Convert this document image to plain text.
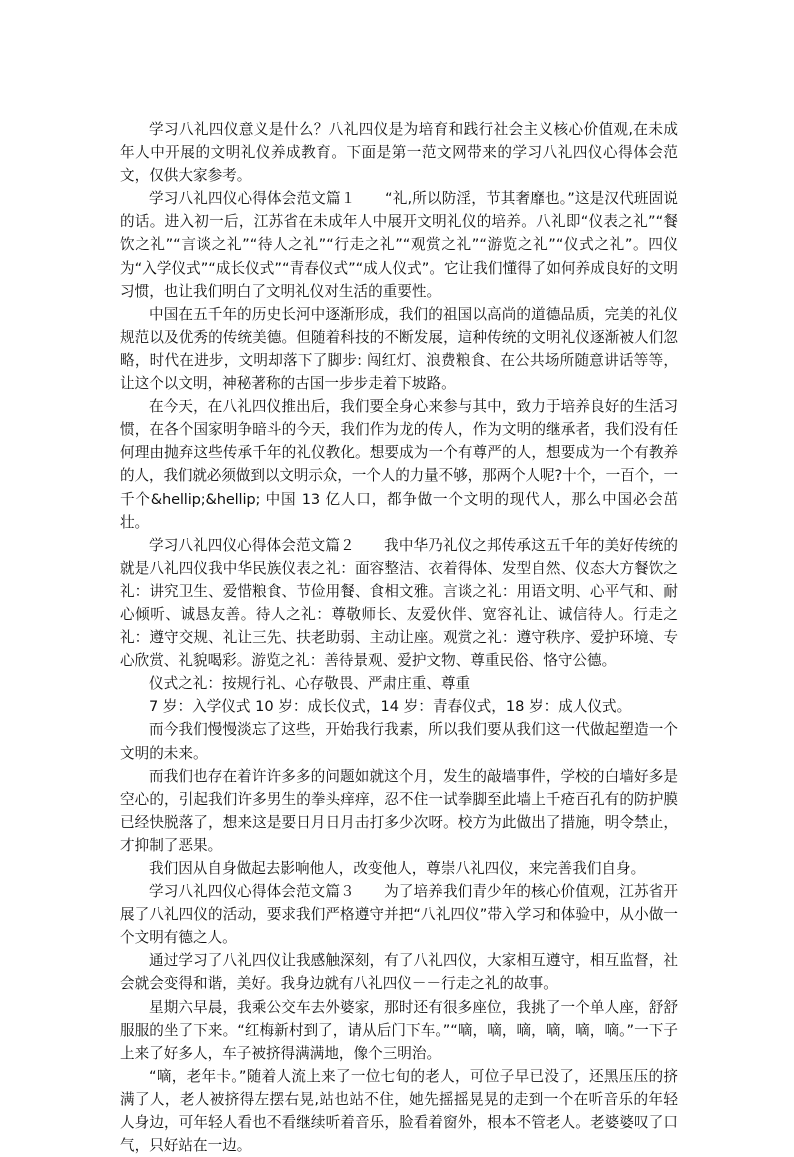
学习八礼四仪意义是什么？八礼四仪是为培育和践行社会主义核心价值观,在未成年人中开展的文明礼仪养成教育。下面是第一范文网带来的学习八礼四仪心得体会范文，仅供大家参考。

学习八礼四仪心得体会范文篇１　　“礼,所以防淫，节其奢靡也。”这是汉代班固说的话。进入初一后，江苏省在未成年人中展开文明礼仪的培养。八礼即“仪表之礼”“餐饮之礼”“言谈之礼”“待人之礼”“行走之礼”“观赏之礼”“游览之礼”“仪式之礼”。四仪为“入学仪式”“成长仪式”“青春仪式”“成人仪式”。它让我们懂得了如何养成良好的文明习惯，也让我们明白了文明礼仪对生活的重要性。

中国在五千年的历史长河中逐渐形成，我们的祖国以高尚的道德品质，完美的礼仪规范以及优秀的传统美德。但随着科技的不断发展，這种传统的文明礼仪逐渐被人们忽略，时代在进步，文明却落下了脚步: 闯红灯、浪费粮食、在公共场所随意讲话等等，让这个以文明，神秘著称的古国一步步走着下坡路。

在今天，在八礼四仪推出后，我们要全身心来参与其中，致力于培养良好的生活习惯，在各个国家明争暗斗的今天，我们作为龙的传人，作为文明的继承者，我们没有任何理由抛弃这些传承千年的礼仪教化。想要成为一个有尊严的人，想要成为一个有教养的人，我们就必须做到以文明示众，一个人的力量不够，那两个人呢?十个，一百个，一千个&hellip;&hellip; 中国 13 亿人口，都争做一个文明的现代人，那么中国必会茁壮。

学习八礼四仪心得体会范文篇２　　我中华乃礼仪之邦传承这五千年的美好传统的就是八礼四仪我中华民族仪表之礼：面容整洁、衣着得体、发型自然、仪态大方餐饮之礼：讲究卫生、爱惜粮食、节俭用餐、食相文雅。言谈之礼：用语文明、心平气和、耐心倾听、诚恳友善。待人之礼：尊敬师长、友爱伙伴、宽容礼让、诚信待人。行走之礼：遵守交规、礼让三先、扶老助弱、主动让座。观赏之礼：遵守秩序、爱护环境、专心欣赏、礼貌喝彩。游览之礼：善待景观、爱护文物、尊重民俗、恪守公德。

仪式之礼：按规行礼、心存敬畏、严肃庄重、尊重

7 岁：入学仪式 10 岁：成长仪式，14 岁：青春仪式，18 岁：成人仪式。

而今我们慢慢淡忘了这些，开始我行我素，所以我们要从我们这一代做起塑造一个文明的未来。

而我们也存在着许许多多的问题如就这个月，发生的敲墙事件，学校的白墙好多是空心的，引起我们许多男生的拳头痒痒，忍不住一试拳脚至此墙上千疮百孔有的防护膜已经快脱落了，想来这是要日月日月击打多少次呀。校方为此做出了措施，明令禁止，才抑制了恶果。

我们因从自身做起去影响他人，改变他人，尊崇八礼四仪，来完善我们自身。

学习八礼四仪心得体会范文篇３　　为了培养我们青少年的核心价值观，江苏省开展了八礼四仪的活动，要求我们严格遵守并把“八礼四仪”带入学习和体验中，从小做一个文明有德之人。

通过学习了八礼四仪让我感触深刻，有了八礼四仪，大家相互遵守，相互监督，社会就会变得和谐，美好。我身边就有八礼四仪－－行走之礼的故事。

星期六早晨，我乘公交车去外婆家，那时还有很多座位，我挑了一个单人座，舒舒服服的坐了下来。“红梅新村到了，请从后门下车。”“嘀，嘀，嘀，嘀，嘀，嘀。”一下子上来了好多人，车子被挤得满满地，像个三明治。

“嘀，老年卡。”随着人流上来了一位七旬的老人，可位子早已没了，还黑压压的挤满了人，老人被挤得左摆右晃,站也站不住，她先摇摇晃晃的走到一个在听音乐的年轻人身边，可年轻人看也不看继续听着音乐，脸看着窗外，根本不管老人。老婆婆叹了口气，只好站在一边。
